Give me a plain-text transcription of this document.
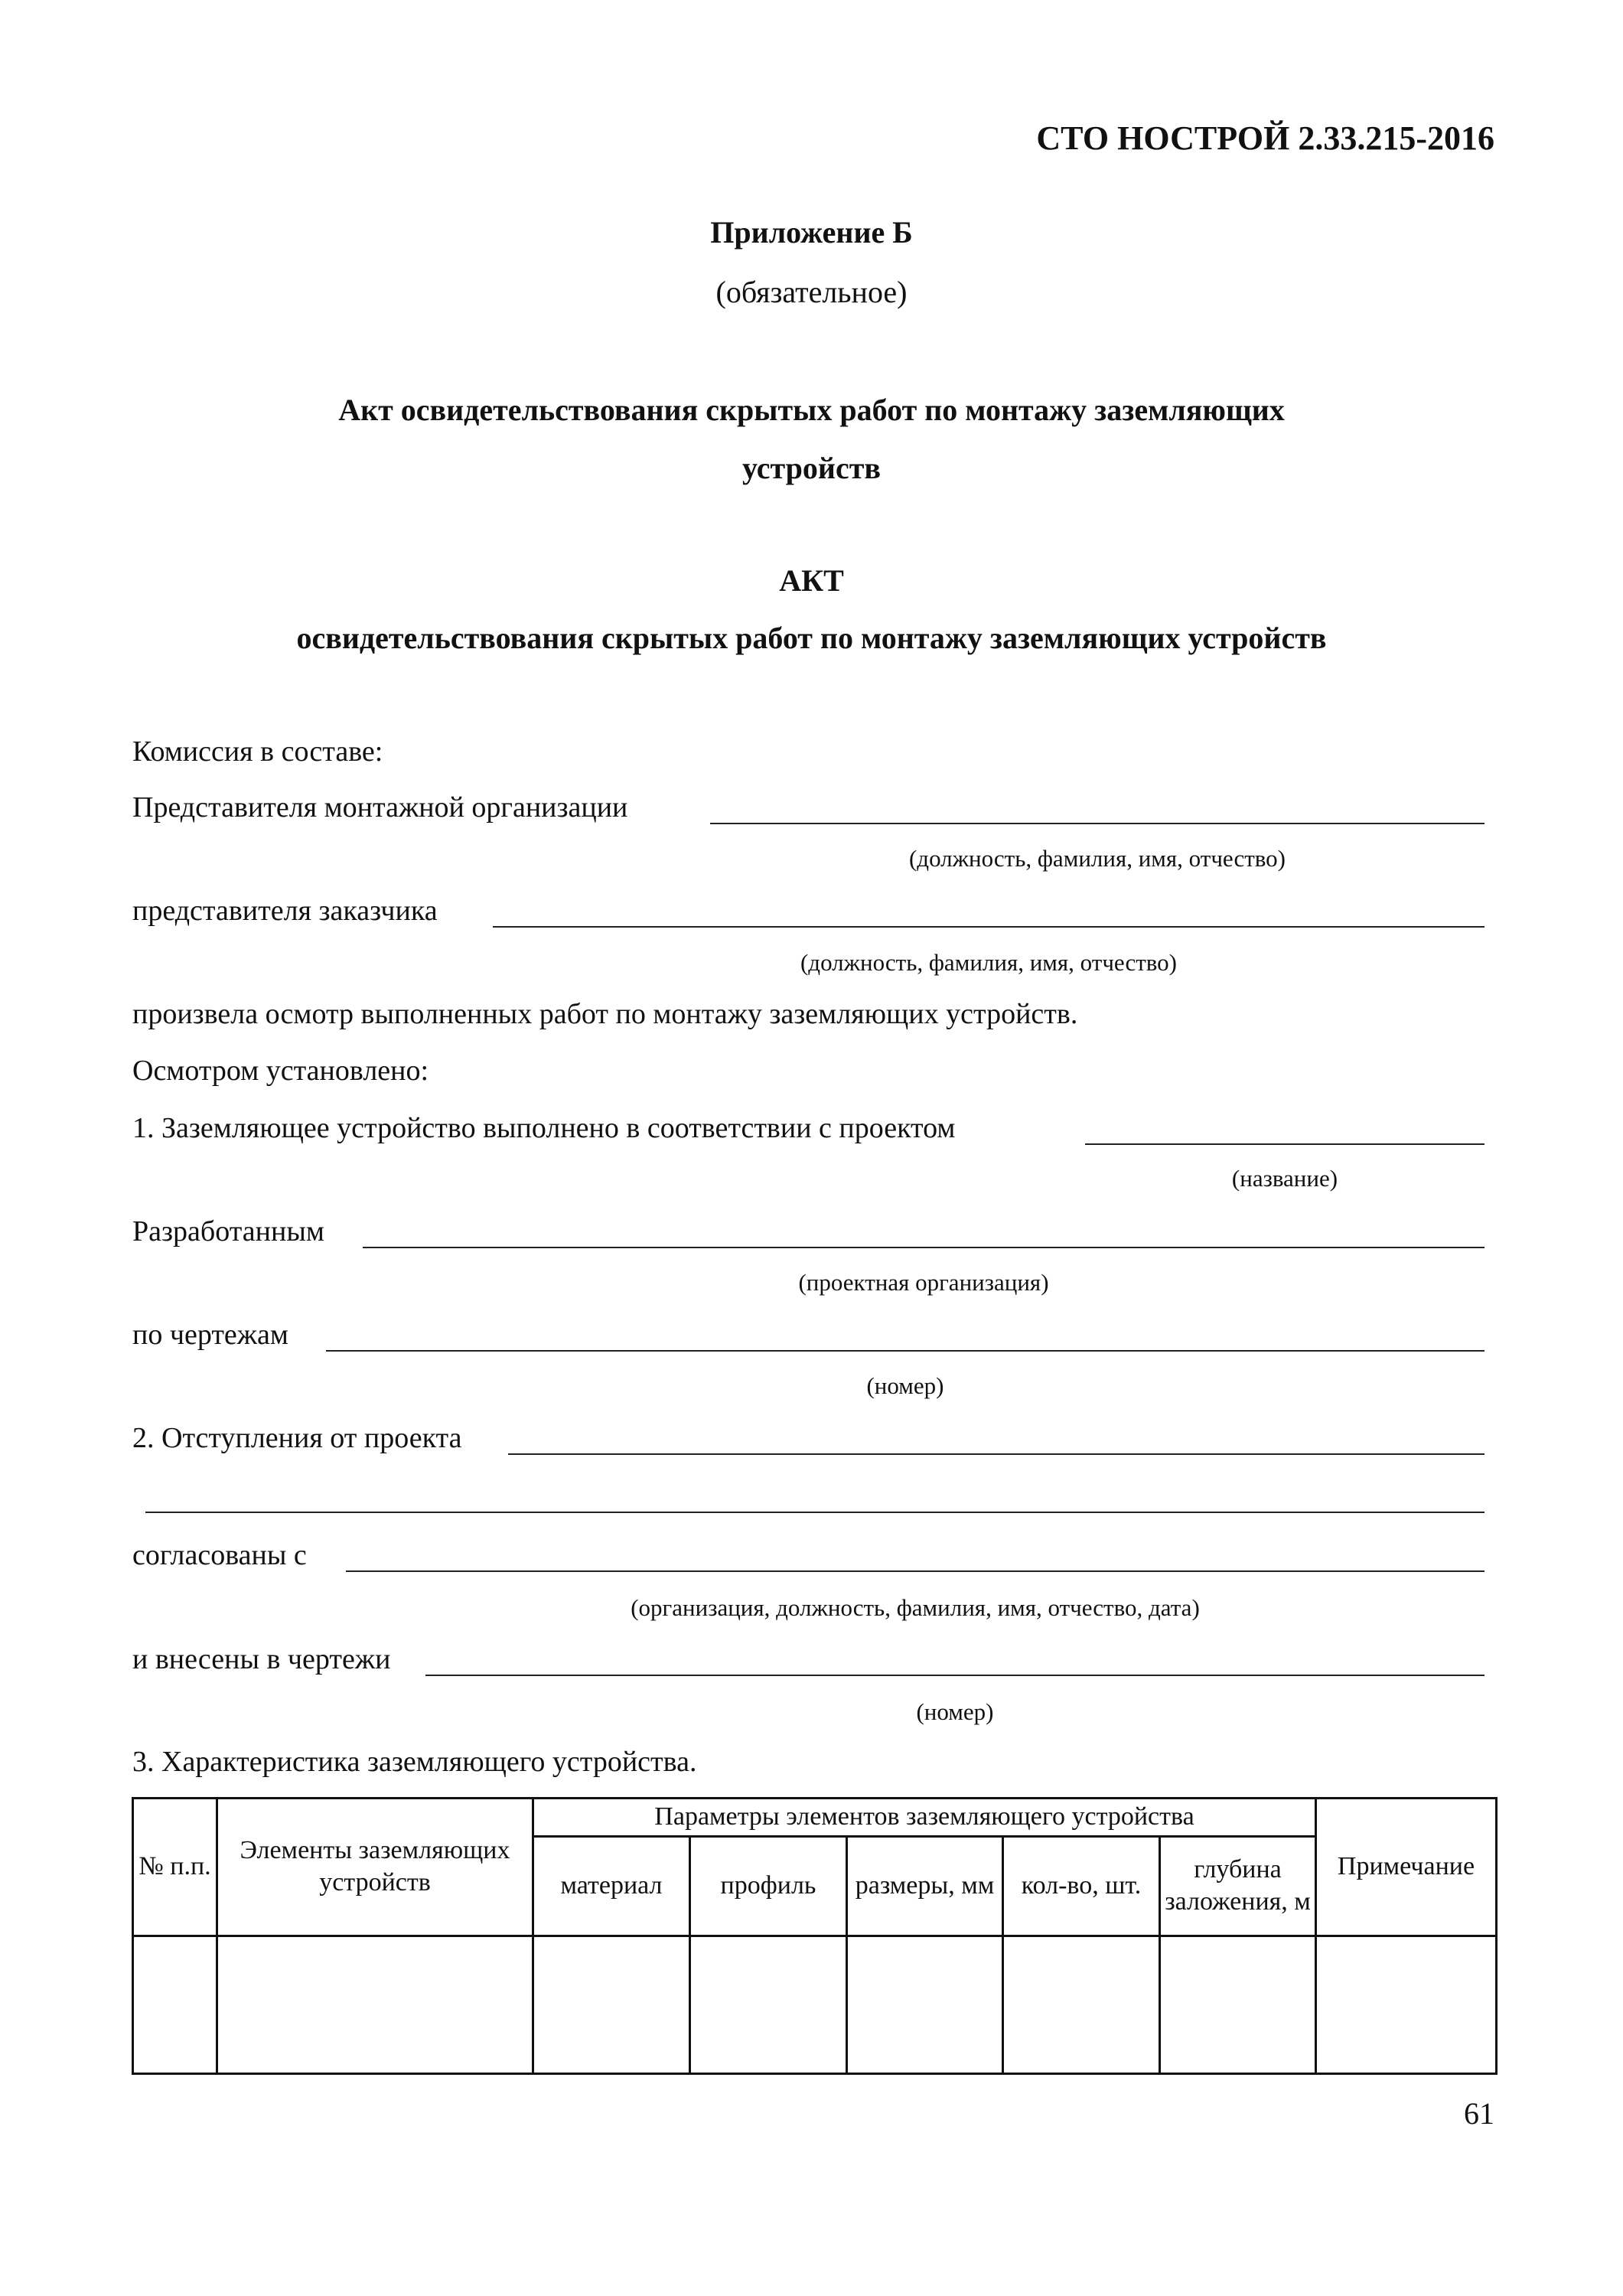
СТО НОСТРОЙ 2.33.215-2016
Приложение Б
(обязательное)
Акт освидетельствования скрытых работ по монтажу заземляющих
устройств
АКТ
освидетельствования скрытых работ по монтажу заземляющих устройств
Комиссия в составе:
Представителя монтажной организации
(должность, фамилия, имя, отчество)
представителя заказчика
(должность, фамилия, имя, отчество)
произвела осмотр выполненных работ по монтажу заземляющих устройств.
Осмотром установлено:
1. Заземляющее устройство выполнено в соответствии с проектом
(название)
Разработанным
(проектная организация)
по чертежам
(номер)
2. Отступления от проекта
согласованы с
(организация, должность, фамилия, имя, отчество, дата)
и внесены в чертежи
(номер)
3. Характеристика заземляющего устройства.
№ п.п.	Элементы заземляющих устройств	Параметры элементов заземляющего устройства					Примечание
		материал	профиль	размеры, мм	кол-во, шт.	глубина заложения, м	

61
